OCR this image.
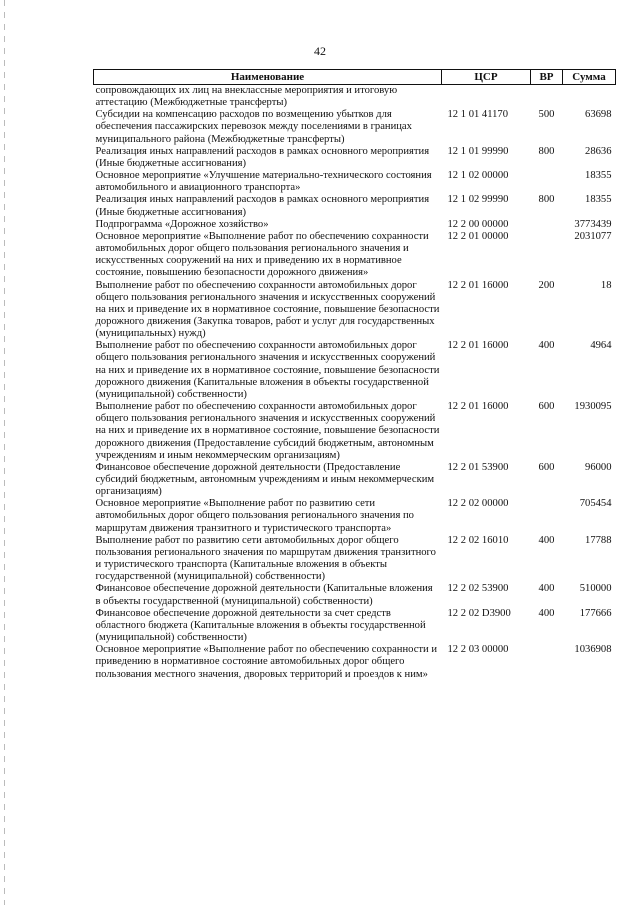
42
Наименование	ЦСР	ВР	Сумма
сопровождающих их лиц на внеклассные мероприятия и итоговую аттестацию (Межбюджетные трансферты)			
Субсидии на компенсацию расходов по возмещению убытков для обеспечения пассажирских перевозок между поселениями в границах муниципального района (Межбюджетные трансферты)	12 1 01 41170	500	63698
Реализация иных направлений расходов в рамках основного мероприятия (Иные бюджетные ассигнования)	12 1 01 99990	800	28636
Основное мероприятие «Улучшение материально-технического состояния автомобильного и авиационного транспорта»	12 1 02 00000		18355
Реализация иных направлений расходов в рамках основного мероприятия (Иные бюджетные ассигнования)	12 1 02 99990	800	18355
Подпрограмма «Дорожное хозяйство»	12 2 00 00000		3773439
Основное мероприятие «Выполнение работ по обеспечению сохранности автомобильных дорог общего пользования регионального значения и искусственных сооружений на них и приведению их в нормативное состояние, повышению безопасности дорожного движения»	12 2 01 00000		2031077
Выполнение работ по обеспечению сохранности автомобильных дорог общего пользования регионального значения и искусственных сооружений на них и приведение их в нормативное состояние, повышение безопасности дорожного движения (Закупка товаров, работ и услуг для государственных (муниципальных) нужд)	12 2 01 16000	200	18
Выполнение работ по обеспечению сохранности автомобильных дорог общего пользования регионального значения и искусственных сооружений на них и приведение их в нормативное состояние, повышение безопасности дорожного движения (Капитальные вложения в объекты государственной (муниципальной) собственности)	12 2 01 16000	400	4964
Выполнение работ по обеспечению сохранности автомобильных дорог общего пользования регионального значения и искусственных сооружений на них и приведение их в нормативное состояние, повышение безопасности дорожного движения (Предоставление субсидий бюджетным, автономным учреждениям и иным некоммерческим организациям)	12 2 01 16000	600	1930095
Финансовое обеспечение дорожной деятельности (Предоставление субсидий бюджетным, автономным учреждениям и иным некоммерческим организациям)	12 2 01 53900	600	96000
Основное мероприятие «Выполнение работ по развитию сети автомобильных дорог общего пользования регионального значения по маршрутам движения транзитного и туристического транспорта»	12 2 02 00000		705454
Выполнение работ по развитию сети автомобильных дорог общего пользования регионального значения по маршрутам движения транзитного и туристического транспорта (Капитальные вложения в объекты государственной (муниципальной) собственности)	12 2 02 16010	400	17788
Финансовое обеспечение дорожной деятельности (Капитальные вложения в объекты государственной (муниципальной) собственности)	12 2 02 53900	400	510000
Финансовое обеспечение дорожной деятельности за счет средств областного бюджета (Капитальные вложения в объекты государственной (муниципальной) собственности)	12 2 02 D3900	400	177666
Основное мероприятие «Выполнение работ по обеспечению сохранности и приведению в нормативное состояние автомобильных дорог общего пользования местного значения, дворовых территорий и проездов к ним»	12 2 03 00000		1036908
